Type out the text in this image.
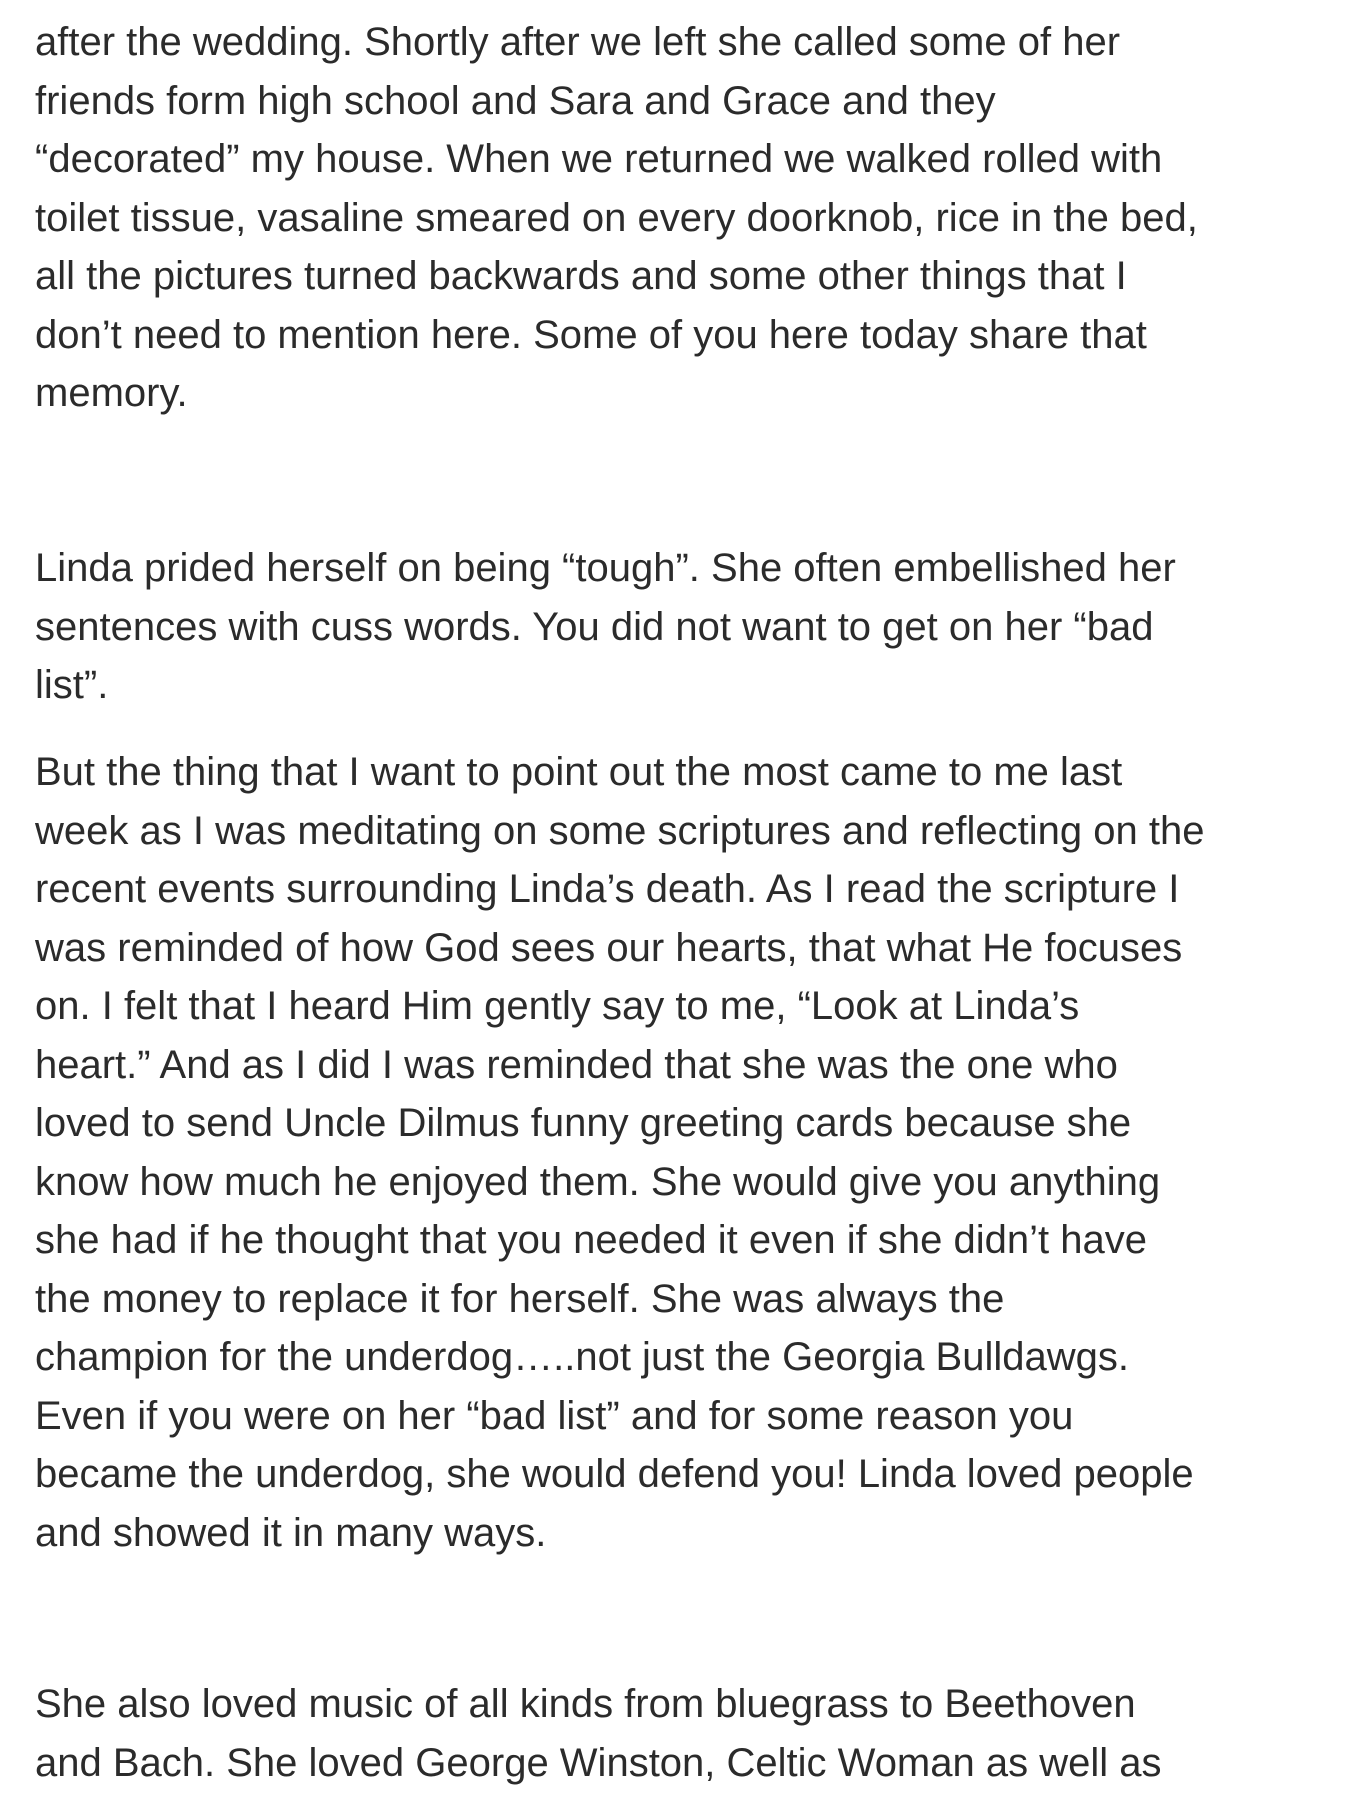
after the wedding. Shortly after we left she called some of her
friends form high school and Sara and Grace and they
“decorated” my house. When we returned we walked rolled with
toilet tissue, vasaline smeared on every doorknob, rice in the bed,
all the pictures turned backwards and some other things that I
don’t need to mention here. Some of you here today share that
memory.

Linda prided herself on being “tough”. She often embellished her
sentences with cuss words. You did not want to get on her “bad
list”.

But the thing that I want to point out the most came to me last
week as I was meditating on some scriptures and reflecting on the
recent events surrounding Linda’s death. As I read the scripture I
was reminded of how God sees our hearts, that what He focuses
on. I felt that I heard Him gently say to me, “Look at Linda’s
heart.” And as I did I was reminded that she was the one who
loved to send Uncle Dilmus funny greeting cards because she
know how much he enjoyed them. She would give you anything
she had if he thought that you needed it even if she didn’t have
the money to replace it for herself. She was always the
champion for the underdog…..not just the Georgia Bulldawgs.
Even if you were on her “bad list” and for some reason you
became the underdog, she would defend you! Linda loved people
and showed it in many ways.

She also loved music of all kinds from bluegrass to Beethoven
and Bach. She loved George Winston, Celtic Woman as well as
